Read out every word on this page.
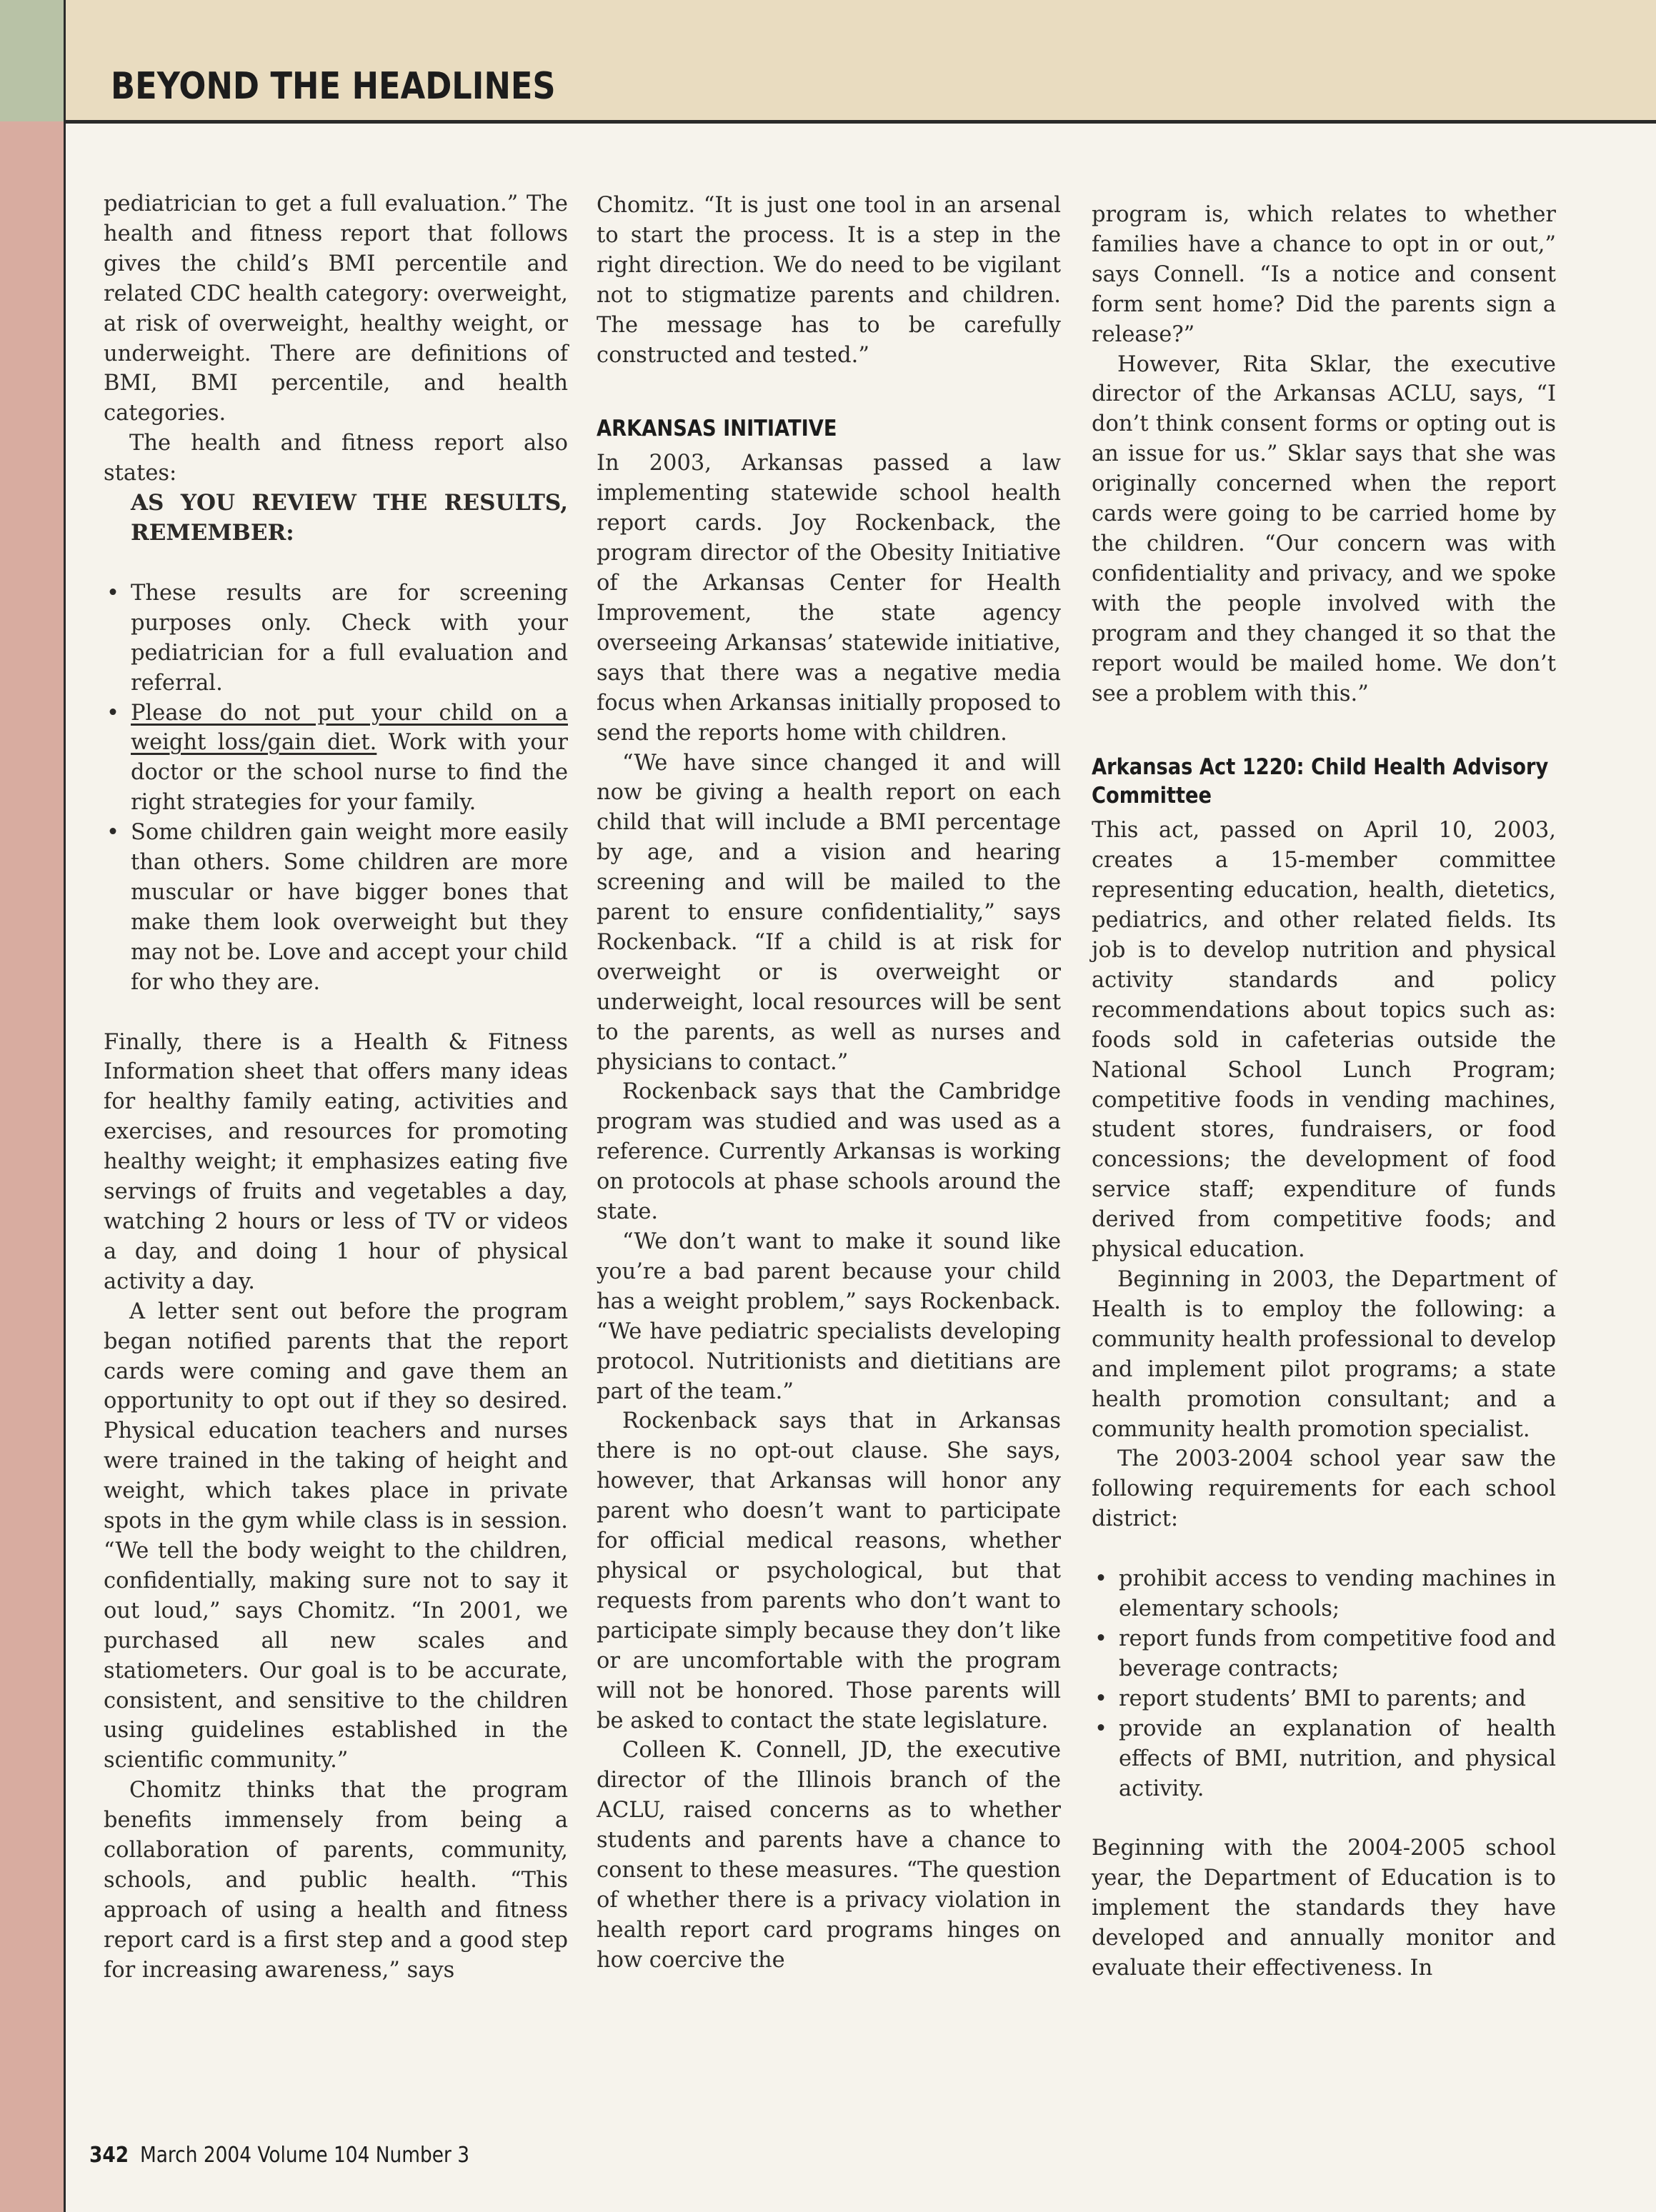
BEYOND THE HEADLINES

pediatrician to get a full evaluation.” The health and fitness report that follows gives the child’s BMI percentile and related CDC health category: overweight, at risk of overweight, healthy weight, or underweight. There are definitions of BMI, BMI percentile, and health categories.

The health and fitness report also states:

AS YOU REVIEW THE RESULTS, REMEMBER:
• These results are for screening purposes only. Check with your pediatrician for a full evaluation and referral.
• Please do not put your child on a weight loss/gain diet. Work with your doctor or the school nurse to find the right strategies for your family.
• Some children gain weight more easily than others. Some children are more muscular or have bigger bones that make them look overweight but they may not be. Love and accept your child for who they are.

Finally, there is a Health & Fitness Information sheet that offers many ideas for healthy family eating, activities and exercises, and resources for promoting healthy weight; it emphasizes eating five servings of fruits and vegetables a day, watching 2 hours or less of TV or videos a day, and doing 1 hour of physical activity a day.

A letter sent out before the program began notified parents that the report cards were coming and gave them an opportunity to opt out if they so desired. Physical education teachers and nurses were trained in the taking of height and weight, which takes place in private spots in the gym while class is in session. “We tell the body weight to the children, confidentially, making sure not to say it out loud,” says Chomitz. “In 2001, we purchased all new scales and statiometers. Our goal is to be accurate, consistent, and sensitive to the children using guidelines established in the scientific community.”

Chomitz thinks that the program benefits immensely from being a collaboration of parents, community, schools, and public health. “This approach of using a health and fitness report card is a first step and a good step for increasing awareness,” says

Chomitz. “It is just one tool in an arsenal to start the process. It is a step in the right direction. We do need to be vigilant not to stigmatize parents and children. The message has to be carefully constructed and tested.”

ARKANSAS INITIATIVE

In 2003, Arkansas passed a law implementing statewide school health report cards. Joy Rockenback, the program director of the Obesity Initiative of the Arkansas Center for Health Improvement, the state agency overseeing Arkansas’ statewide initiative, says that there was a negative media focus when Arkansas initially proposed to send the reports home with children.

“We have since changed it and will now be giving a health report on each child that will include a BMI percentage by age, and a vision and hearing screening and will be mailed to the parent to ensure confidentiality,” says Rockenback. “If a child is at risk for overweight or is overweight or underweight, local resources will be sent to the parents, as well as nurses and physicians to contact.”

Rockenback says that the Cambridge program was studied and was used as a reference. Currently Arkansas is working on protocols at phase schools around the state.

“We don’t want to make it sound like you’re a bad parent because your child has a weight problem,” says Rockenback. “We have pediatric specialists developing protocol. Nutritionists and dietitians are part of the team.”

Rockenback says that in Arkansas there is no opt-out clause. She says, however, that Arkansas will honor any parent who doesn’t want to participate for official medical reasons, whether physical or psychological, but that requests from parents who don’t want to participate simply because they don’t like or are uncomfortable with the program will not be honored. Those parents will be asked to contact the state legislature.

Colleen K. Connell, JD, the executive director of the Illinois branch of the ACLU, raised concerns as to whether students and parents have a chance to consent to these measures. “The question of whether there is a privacy violation in health report card programs hinges on how coercive the

program is, which relates to whether families have a chance to opt in or out,” says Connell. “Is a notice and consent form sent home? Did the parents sign a release?”

However, Rita Sklar, the executive director of the Arkansas ACLU, says, “I don’t think consent forms or opting out is an issue for us.” Sklar says that she was originally concerned when the report cards were going to be carried home by the children. “Our concern was with confidentiality and privacy, and we spoke with the people involved with the program and they changed it so that the report would be mailed home. We don’t see a problem with this.”

Arkansas Act 1220: Child Health Advisory Committee

This act, passed on April 10, 2003, creates a 15-member committee representing education, health, dietetics, pediatrics, and other related fields. Its job is to develop nutrition and physical activity standards and policy recommendations about topics such as: foods sold in cafeterias outside the National School Lunch Program; competitive foods in vending machines, student stores, fundraisers, or food concessions; the development of food service staff; expenditure of funds derived from competitive foods; and physical education.

Beginning in 2003, the Department of Health is to employ the following: a community health professional to develop and implement pilot programs; a state health promotion consultant; and a community health promotion specialist.

The 2003-2004 school year saw the following requirements for each school district:

• prohibit access to vending machines in elementary schools;
• report funds from competitive food and beverage contracts;
• report students’ BMI to parents; and
• provide an explanation of health effects of BMI, nutrition, and physical activity.

Beginning with the 2004-2005 school year, the Department of Education is to implement the standards they have developed and annually monitor and evaluate their effectiveness. In

342 March 2004 Volume 104 Number 3
